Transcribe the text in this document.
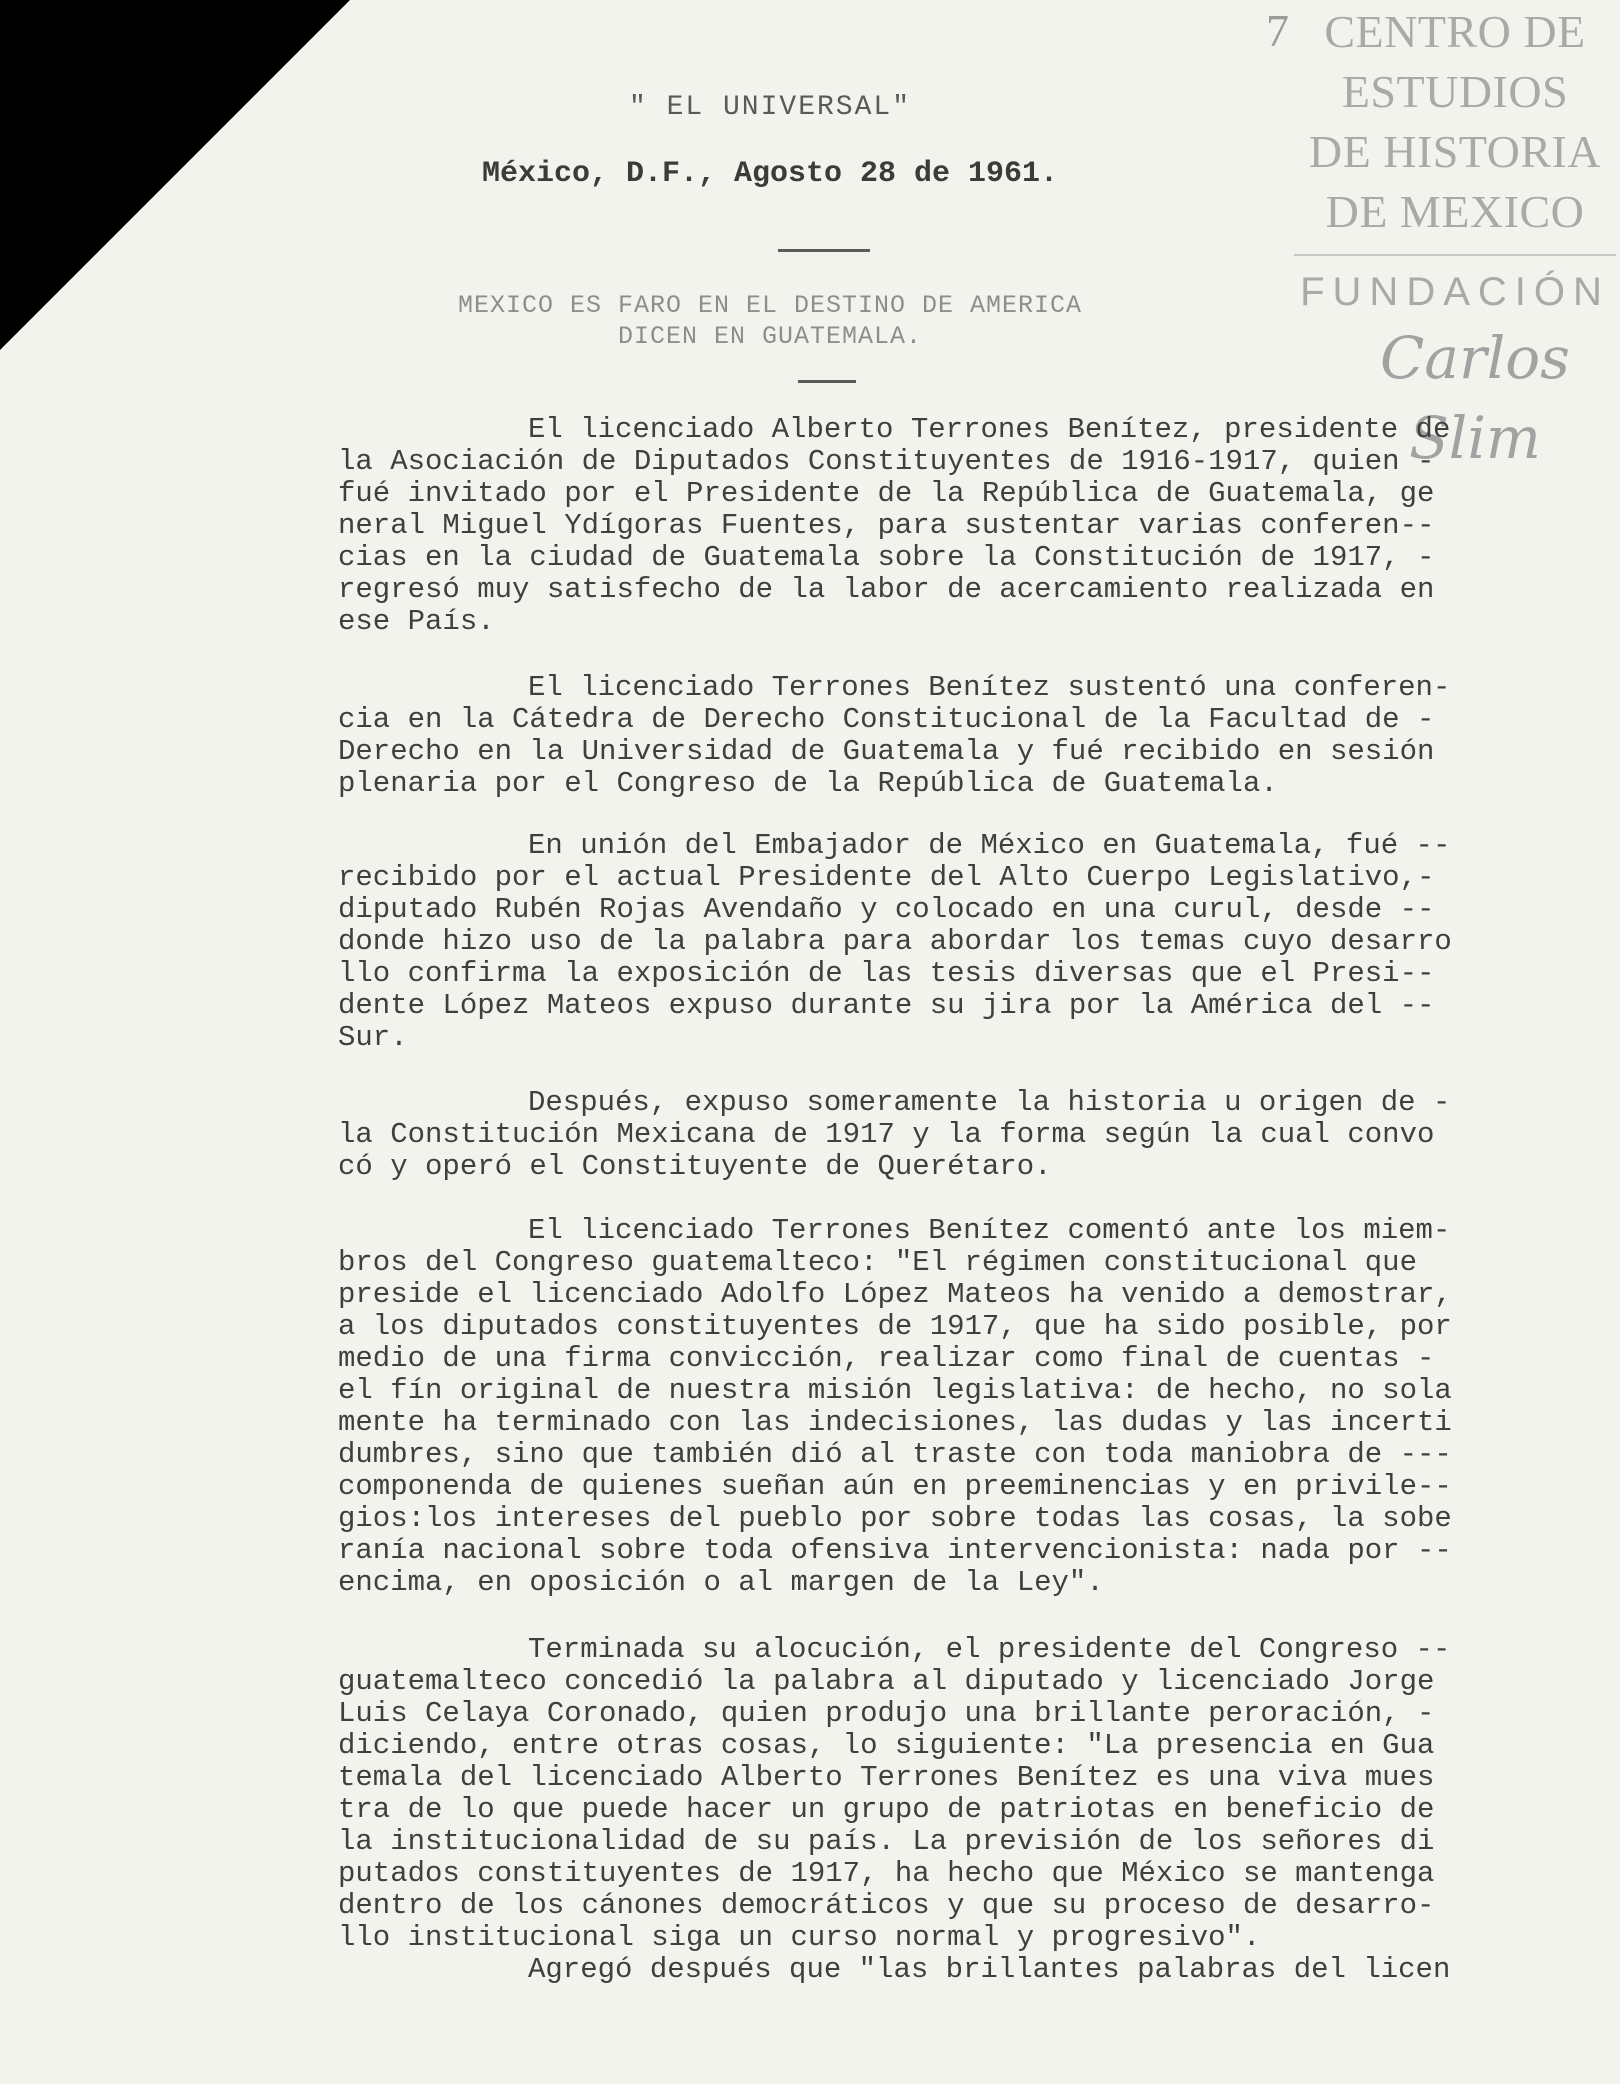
7 CENTRO DE
ESTUDIOS
DE HISTORIA
DE MEXICO
FUNDACIÓN
Carlos Slim
" EL UNIVERSAL"
México, D.F., Agosto 28 de 1961.
MEXICO ES FARO EN EL DESTINO DE AMERICA
DICEN EN GUATEMALA.
El licenciado Alberto Terrones Benítez, presidente de
la Asociación de Diputados Constituyentes de 1916-1917, quien -
fué invitado por el Presidente de la República de Guatemala, ge
neral Miguel Ydígoras Fuentes, para sustentar varias conferen--
cias en la ciudad de Guatemala sobre la Constitución de 1917, -
regresó muy satisfecho de la labor de acercamiento realizada en
ese País.
El licenciado Terrones Benítez sustentó una conferen-
cia en la Cátedra de Derecho Constitucional de la Facultad de -
Derecho en la Universidad de Guatemala y fué recibido en sesión
plenaria por el Congreso de la República de Guatemala.
En unión del Embajador de México en Guatemala, fué --
recibido por el actual Presidente del Alto Cuerpo Legislativo,-
diputado Rubén Rojas Avendaño y colocado en una curul, desde --
donde hizo uso de la palabra para abordar los temas cuyo desarro
llo confirma la exposición de las tesis diversas que el Presi--
dente López Mateos expuso durante su jira por la América del --
Sur.
Después, expuso someramente la historia u origen de -
la Constitución Mexicana de 1917 y la forma según la cual convo
có y operó el Constituyente de Querétaro.
El licenciado Terrones Benítez comentó ante los miem-
bros del Congreso guatemalteco: "El régimen constitucional que
preside el licenciado Adolfo López Mateos ha venido a demostrar,
a los diputados constituyentes de 1917, que ha sido posible, por
medio de una firma convicción, realizar como final de cuentas -
el fín original de nuestra misión legislativa: de hecho, no sola
mente ha terminado con las indecisiones, las dudas y las incerti
dumbres, sino que también dió al traste con toda maniobra de ---
componenda de quienes sueñan aún en preeminencias y en privile--
gios:los intereses del pueblo por sobre todas las cosas, la sobe
ranía nacional sobre toda ofensiva intervencionista: nada por --
encima, en oposición o al margen de la Ley".
Terminada su alocución, el presidente del Congreso --
guatemalteco concedió la palabra al diputado y licenciado Jorge
Luis Celaya Coronado, quien produjo una brillante peroración, -
diciendo, entre otras cosas, lo siguiente: "La presencia en Gua
temala del licenciado Alberto Terrones Benítez es una viva mues
tra de lo que puede hacer un grupo de patriotas en beneficio de
la institucionalidad de su país. La previsión de los señores di
putados constituyentes de 1917, ha hecho que México se mantenga
dentro de los cánones democráticos y que su proceso de desarro-
llo institucional siga un curso normal y progresivo".
Agregó después que "las brillantes palabras del licen
